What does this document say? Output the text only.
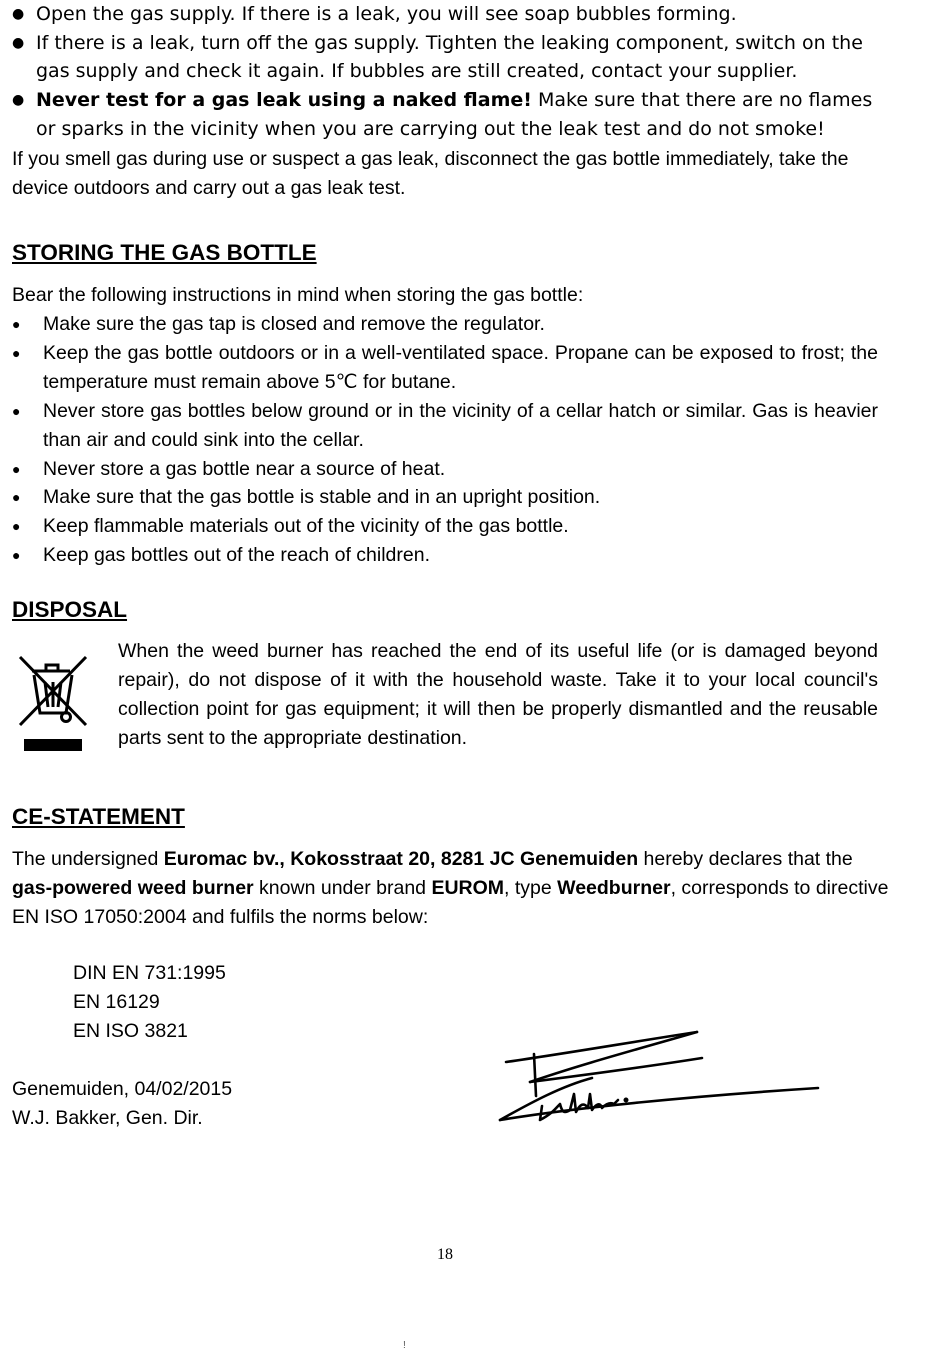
● Open the gas supply. If there is a leak, you will see soap bubbles forming.
● If there is a leak, turn off the gas supply. Tighten the leaking component, switch on the gas supply and check it again. If bubbles are still created, contact your supplier.
● Never test for a gas leak using a naked flame! Make sure that there are no flames or sparks in the vicinity when you are carrying out the leak test and do not smoke!
If you smell gas during use or suspect a gas leak, disconnect the gas bottle immediately, take the device outdoors and carry out a gas leak test.
STORING THE GAS BOTTLE
Bear the following instructions in mind when storing the gas bottle:
● Make sure the gas tap is closed and remove the regulator.
● Keep the gas bottle outdoors or in a well-ventilated space. Propane can be exposed to frost; the temperature must remain above 5℃ for butane.
● Never store gas bottles below ground or in the vicinity of a cellar hatch or similar. Gas is heavier than air and could sink into the cellar.
● Never store a gas bottle near a source of heat.
● Make sure that the gas bottle is stable and in an upright position.
● Keep flammable materials out of the vicinity of the gas bottle.
● Keep gas bottles out of the reach of children.
DISPOSAL
When the weed burner has reached the end of its useful life (or is damaged beyond repair), do not dispose of it with the household waste. Take it to your local council's collection point for gas equipment; it will then be properly dismantled and the reusable parts sent to the appropriate destination.
CE-STATEMENT
The undersigned Euromac bv., Kokosstraat 20, 8281 JC Genemuiden hereby declares that the gas-powered weed burner known under brand EUROM, type Weedburner, corresponds to directive EN ISO 17050:2004 and fulfils the norms below:
DIN EN 731:1995
EN 16129
EN ISO 3821
Genemuiden, 04/02/2015
W.J. Bakker, Gen. Dir.
18
!
